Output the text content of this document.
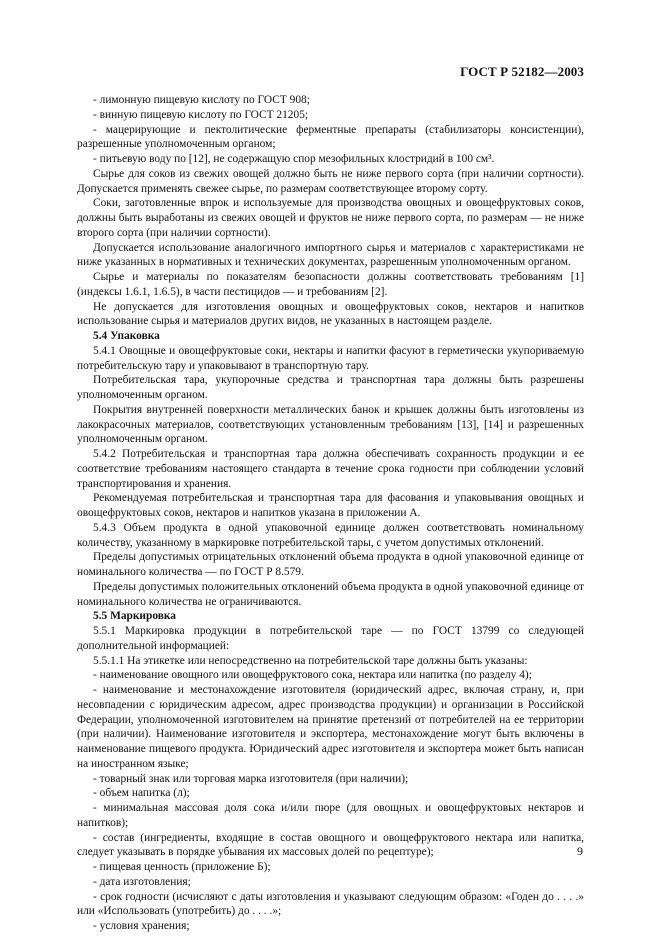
ГОСТ Р 52182—2003

- лимонную пищевую кислоту по ГОСТ 908;

- винную пищевую кислоту по ГОСТ 21205;

- мацерирующие и пектолитические ферментные препараты (стабилизаторы консистенции), разрешенные уполномоченным органом;

- питьевую воду по [12], не содержащую спор мезофильных клостридий в 100 см³.

Сырье для соков из свежих овощей должно быть не ниже первого сорта (при наличии сортности). Допускается применять свежее сырье, по размерам соответствующее второму сорту.

Соки, заготовленные впрок и используемые для производства овощных и овощефруктовых соков, должны быть выработаны из свежих овощей и фруктов не ниже первого сорта, по размерам — не ниже второго сорта (при наличии сортности).

Допускается использование аналогичного импортного сырья и материалов с характеристиками не ниже указанных в нормативных и технических документах, разрешенным уполномоченным органом.

Сырье и материалы по показателям безопасности должны соответствовать требованиям [1] (индексы 1.6.1, 1.6.5), в части пестицидов — и требованиям [2].

Не допускается для изготовления овощных и овощефруктовых соков, нектаров и напитков использование сырья и материалов других видов, не указанных в настоящем разделе.

5.4 Упаковка

5.4.1 Овощные и овощефруктовые соки, нектары и напитки фасуют в герметически укупориваемую потребительскую тару и упаковывают в транспортную тару.

Потребительская тара, укупорочные средства и транспортная тара должны быть разрешены уполномоченным органом.

Покрытия внутренней поверхности металлических банок и крышек должны быть изготовлены из лакокрасочных материалов, соответствующих установленным требованиям [13], [14] и разрешенных уполномоченным органом.

5.4.2 Потребительская и транспортная тара должна обеспечивать сохранность продукции и ее соответствие требованиям настоящего стандарта в течение срока годности при соблюдении условий транспортирования и хранения.

Рекомендуемая потребительская и транспортная тара для фасования и упаковывания овощных и овощефруктовых соков, нектаров и напитков указана в приложении А.

5.4.3 Объем продукта в одной упаковочной единице должен соответствовать номинальному количеству, указанному в маркировке потребительской тары, с учетом допустимых отклонений.

Пределы допустимых отрицательных отклонений объема продукта в одной упаковочной единице от номинального количества — по ГОСТ Р 8.579.

Пределы допустимых положительных отклонений объема продукта в одной упаковочной единице от номинального количества не ограничиваются.

5.5 Маркировка

5.5.1 Маркировка продукции в потребительской таре — по ГОСТ 13799 со следующей дополнительной информацией:

5.5.1.1 На этикетке или непосредственно на потребительской таре должны быть указаны:

- наименование овощного или овощефруктового сока, нектара или напитка (по разделу 4);

- наименование и местонахождение изготовителя (юридический адрес, включая страну, и, при несовпадении с юридическим адресом, адрес производства продукции) и организации в Российской Федерации, уполномоченной изготовителем на принятие претензий от потребителей на ее территории (при наличии). Наименование изготовителя и экспортера, местонахождение могут быть включены в наименование пищевого продукта. Юридический адрес изготовителя и экспортера может быть написан на иностранном языке;

- товарный знак или торговая марка изготовителя (при наличии);

- объем напитка (л);

- минимальная массовая доля сока и/или пюре (для овощных и овощефруктовых нектаров и напитков);

- состав (ингредиенты, входящие в состав овощного и овощефруктового нектара или напитка, следует указывать в порядке убывания их массовых долей по рецептуре);

- пищевая ценность (приложение Б);

- дата изготовления;

- срок годности (исчисляют с даты изготовления и указывают следующим образом: «Годен до . . . .» или «Использовать (употребить) до . . . .»;

- условия хранения;

9
